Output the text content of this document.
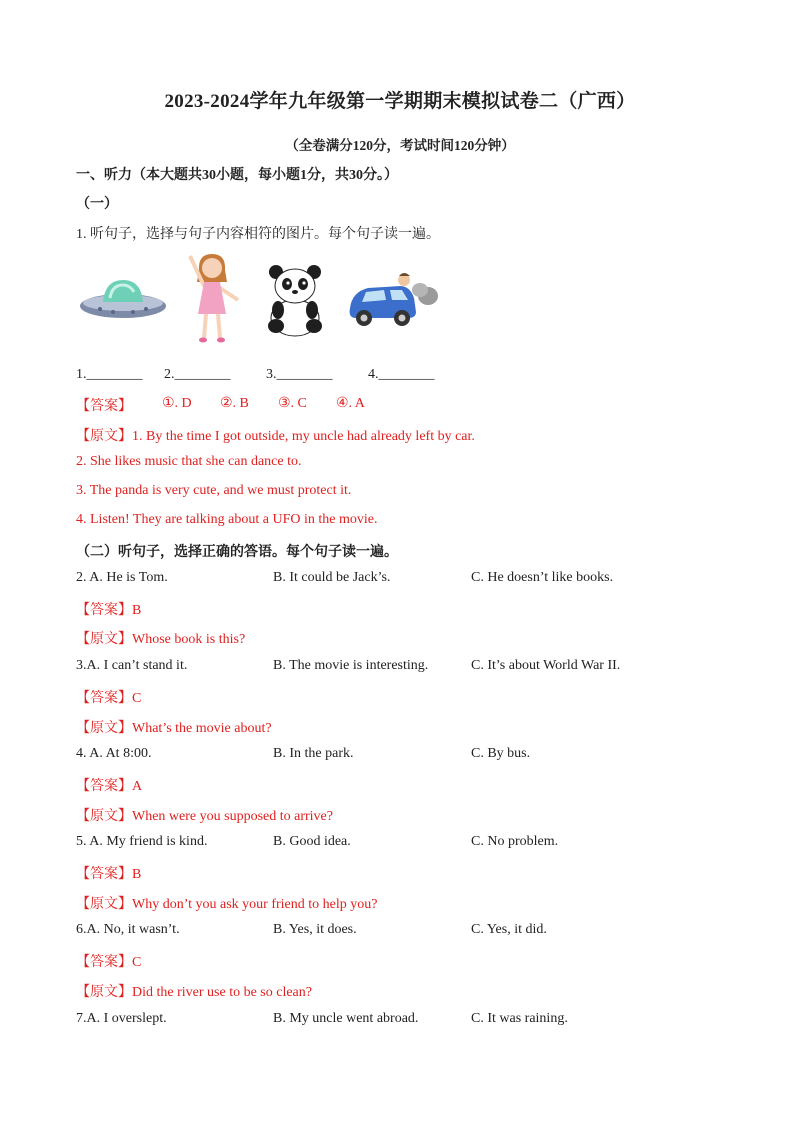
2023-2024学年九年级第一学期期末模拟试卷二（广西）
（全卷满分120分，考试时间120分钟）
一、听力（本大题共30小题，每小题1分，共30分。）
（一）
1. 听句子，选择与句子内容相符的图片。每个句子读一遍。
1.________ 2.________	3.________	4.________
【答案】 ①. D ②. B ③. C ④. A
【原文】1. By the time I got outside, my uncle had already left by car.
2. She likes music that she can dance to.
3. The panda is very cute, and we must protect it.
4. Listen! They are talking about a UFO in the movie.
（二）听句子，选择正确的答语。每个句子读一遍。
2. A. He is Tom.	B. It could be Jack’s.	C. He doesn’t like books.
【答案】B
【原文】Whose book is this?
3.A. I can’t stand it.	B. The movie is interesting.	C. It’s about World War II.
【答案】C
【原文】What’s the movie about?
4. A. At 8:00.	B. In the park.	C. By bus.
【答案】A
【原文】When were you supposed to arrive?
5. A. My friend is kind.	B. Good idea.	C. No problem.
【答案】B
【原文】Why don’t you ask your friend to help you?
6.A. No, it wasn’t.	B. Yes, it does.	C. Yes, it did.
【答案】C
【原文】Did the river use to be so clean?
7.A. I overslept.	B. My uncle went abroad.	C. It was raining.
